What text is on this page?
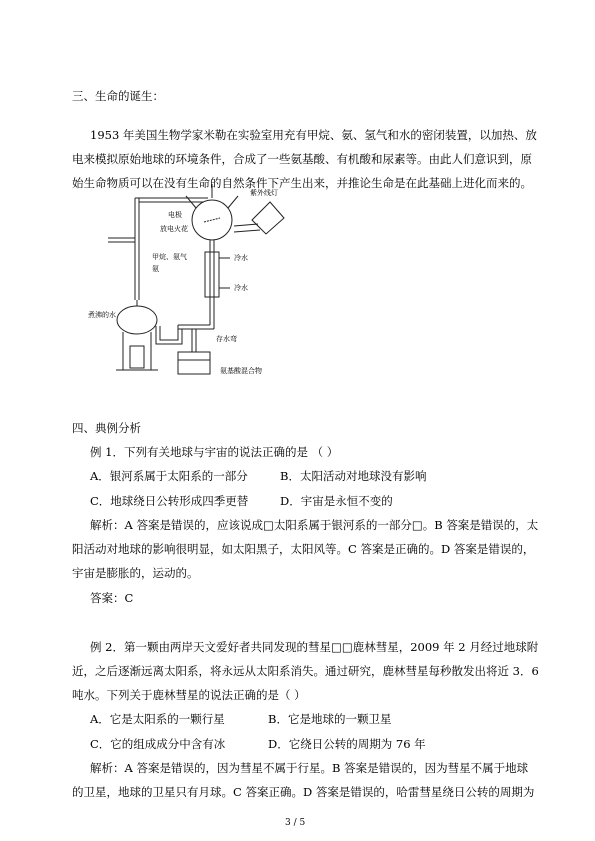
三、生命的诞生：
1953 年美国生物学家米勒在实验室用充有甲烷、氨、氢气和水的密闭装置，以加热、放
电来模拟原始地球的环境条件，合成了一些氨基酸、有机酸和尿素等。由此人们意识到，原
始生命物质可以在没有生命的自然条件下产生出来，并推论生命是在此基础上进化而来的。
紫外线灯
电极
放电火花
甲烷、氨气
氨
冷水
冷水
煮沸的水
存水弯
氨基酸混合物
四、典例分析
例 1．下列有关地球与宇宙的说法正确的是 （ ）
A．银河系属于太阳系的一部分	B．太阳活动对地球没有影响
C．地球绕日公转形成四季更替	D．宇宙是永恒不变的
解析：A 答案是错误的，应该说成□太阳系属于银河系的一部分□。B 答案是错误的，太
阳活动对地球的影响很明显，如太阳黑子，太阳风等。C 答案是正确的。D 答案是错误的，
宇宙是膨胀的，运动的。
答案：C
例 2．第一颗由两岸天文爱好者共同发现的彗星□□鹿林彗星，2009 年 2 月经过地球附
近，之后逐渐远离太阳系，将永远从太阳系消失。通过研究，鹿林彗星每秒散发出将近 3．6
吨水。下列关于鹿林彗星的说法正确的是（ ）
A．它是太阳系的一颗行星	B．它是地球的一颗卫星
C．它的组成成分中含有冰	D．它绕日公转的周期为 76 年
解析：A 答案是错误的，因为彗星不属于行星。B 答案是错误的，因为彗星不属于地球
的卫星，地球的卫星只有月球。C 答案正确。D 答案是错误的，哈雷彗星绕日公转的周期为
3 / 5
